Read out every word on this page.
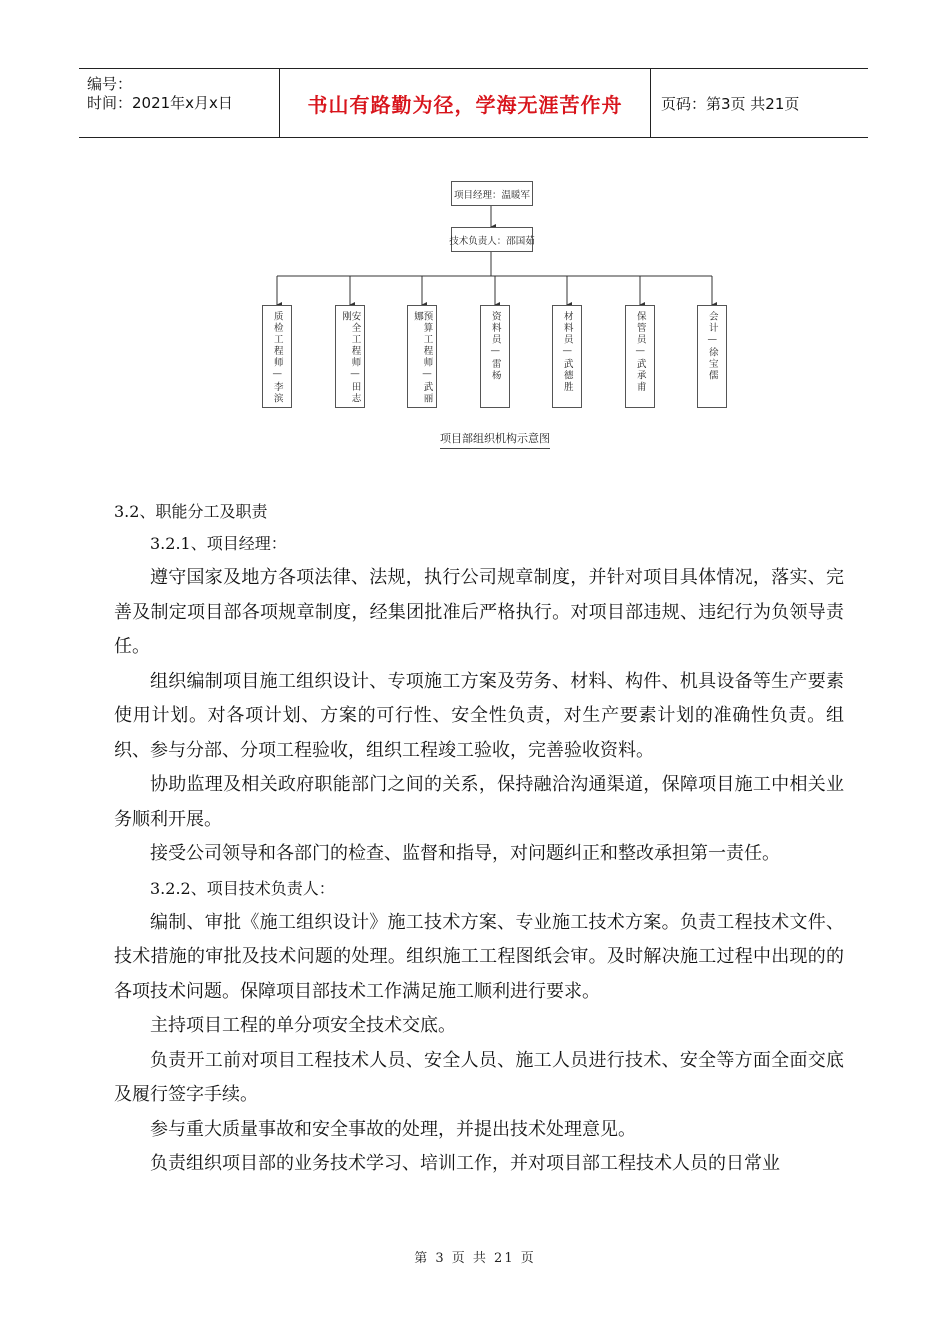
编号：
时间：2021年x月x日	书山有路勤为径，学海无涯苦作舟	页码：第3页 共21页
项目经理：温暖军
技术负责人：邵国茹
质检工程师—李滨	安全工程师—田志刚	预算工程师—武丽娜	资料员—雷杨	材料员—武德胜	保管员—武承甫	会计—徐宝儒
项目部组织机构示意图

3.2、职能分工及职责

3.2.1、项目经理：

遵守国家及地方各项法律、法规，执行公司规章制度，并针对项目具体情况，落实、完善及制定项目部各项规章制度，经集团批准后严格执行。对项目部违规、违纪行为负领导责任。

组织编制项目施工组织设计、专项施工方案及劳务、材料、构件、机具设备等生产要素使用计划。对各项计划、方案的可行性、安全性负责，对生产要素计划的准确性负责。组织、参与分部、分项工程验收，组织工程竣工验收，完善验收资料。

协助监理及相关政府职能部门之间的关系，保持融洽沟通渠道，保障项目施工中相关业务顺利开展。

接受公司领导和各部门的检查、监督和指导，对问题纠正和整改承担第一责任。

3.2.2、项目技术负责人：

编制、审批《施工组织设计》施工技术方案、专业施工技术方案。负责工程技术文件、技术措施的审批及技术问题的处理。组织施工工程图纸会审。及时解决施工过程中出现的的各项技术问题。保障项目部技术工作满足施工顺利进行要求。

主持项目工程的单分项安全技术交底。

负责开工前对项目工程技术人员、安全人员、施工人员进行技术、安全等方面全面交底及履行签字手续。

参与重大质量事故和安全事故的处理，并提出技术处理意见。

负责组织项目部的业务技术学习、培训工作，并对项目部工程技术人员的日常业

第 3 页 共 21 页
